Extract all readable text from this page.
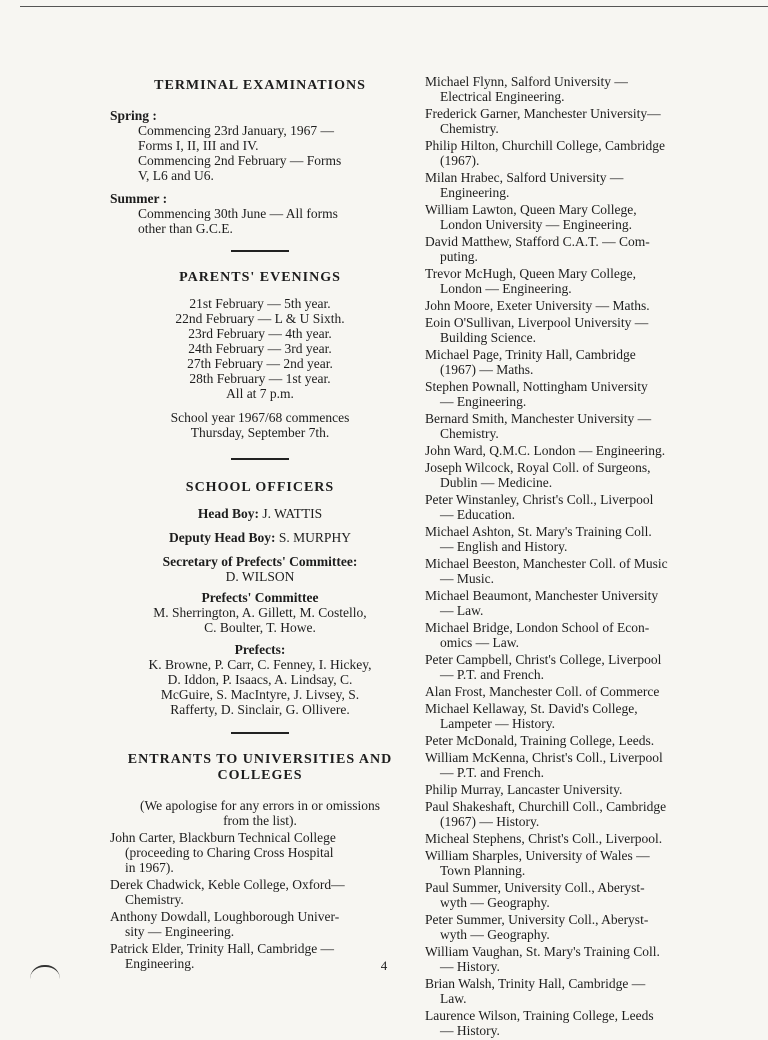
TERMINAL EXAMINATIONS
Spring :
Commencing 23rd January, 1967 —
Forms I, II, III and IV.
Commencing 2nd February — Forms
V, L6 and U6.
Summer :
Commencing 30th June — All forms
other than G.C.E.
PARENTS' EVENINGS
21st February — 5th year.
22nd February — L & U Sixth.
23rd February — 4th year.
24th February — 3rd year.
27th February — 2nd year.
28th February — 1st year.
All at 7 p.m.
School year 1967/68 commences
Thursday, September 7th.
SCHOOL OFFICERS
Head Boy: J. WATTIS
Deputy Head Boy: S. MURPHY
Secretary of Prefects' Committee:
D. WILSON
Prefects' Committee
M. Sherrington, A. Gillett, M. Costello,
C. Boulter, T. Howe.
Prefects:
K. Browne, P. Carr, C. Fenney, I. Hickey,
D. Iddon, P. Isaacs, A. Lindsay, C.
McGuire, S. MacIntyre, J. Livsey, S.
Rafferty, D. Sinclair, G. Ollivere.
ENTRANTS TO UNIVERSITIES AND
COLLEGES
(We apologise for any errors in or omissions
from the list).
John Carter, Blackburn Technical College
(proceeding to Charing Cross Hospital
in 1967).
Derek Chadwick, Keble College, Oxford—
Chemistry.
Anthony Dowdall, Loughborough Univer-
sity — Engineering.
Patrick Elder, Trinity Hall, Cambridge —
Engineering.
Michael Flynn, Salford University —
Electrical Engineering.
Frederick Garner, Manchester University—
Chemistry.
Philip Hilton, Churchill College, Cambridge
(1967).
Milan Hrabec, Salford University —
Engineering.
William Lawton, Queen Mary College,
London University — Engineering.
David Matthew, Stafford C.A.T. — Com-
puting.
Trevor McHugh, Queen Mary College,
London — Engineering.
John Moore, Exeter University — Maths.
Eoin O'Sullivan, Liverpool University —
Building Science.
Michael Page, Trinity Hall, Cambridge
(1967) — Maths.
Stephen Pownall, Nottingham University
— Engineering.
Bernard Smith, Manchester University —
Chemistry.
John Ward, Q.M.C. London — Engineering.
Joseph Wilcock, Royal Coll. of Surgeons,
Dublin — Medicine.
Peter Winstanley, Christ's Coll., Liverpool
— Education.
Michael Ashton, St. Mary's Training Coll.
— English and History.
Michael Beeston, Manchester Coll. of Music
— Music.
Michael Beaumont, Manchester University
— Law.
Michael Bridge, London School of Econ-
omics — Law.
Peter Campbell, Christ's College, Liverpool
— P.T. and French.
Alan Frost, Manchester Coll. of Commerce
Michael Kellaway, St. David's College,
Lampeter — History.
Peter McDonald, Training College, Leeds.
William McKenna, Christ's Coll., Liverpool
— P.T. and French.
Philip Murray, Lancaster University.
Paul Shakeshaft, Churchill Coll., Cambridge
(1967) — History.
Micheal Stephens, Christ's Coll., Liverpool.
William Sharples, University of Wales —
Town Planning.
Paul Summer, University Coll., Aberyst-
wyth — Geography.
Peter Summer, University Coll., Aberyst-
wyth — Geography.
William Vaughan, St. Mary's Training Coll.
— History.
Brian Walsh, Trinity Hall, Cambridge —
Law.
Laurence Wilson, Training College, Leeds
— History.
4
